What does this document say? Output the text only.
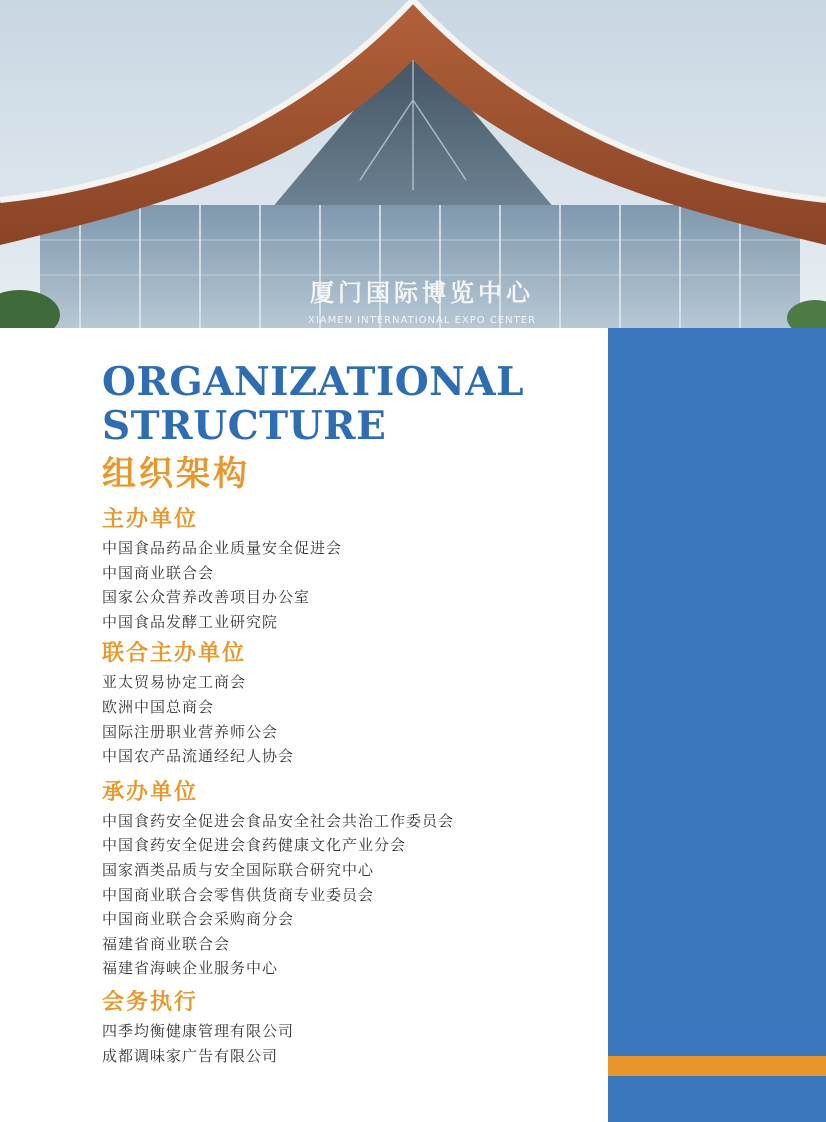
厦门国际博览中心
XIAMEN INTERNATIONAL EXPO CENTER
ORGANIZATIONAL
STRUCTURE
组织架构
主办单位
中国食品药品企业质量安全促进会
中国商业联合会
国家公众营养改善项目办公室
中国食品发酵工业研究院
联合主办单位
亚太贸易协定工商会
欧洲中国总商会
国际注册职业营养师公会
中国农产品流通经纪人协会
承办单位
中国食药安全促进会食品安全社会共治工作委员会
中国食药安全促进会食药健康文化产业分会
国家酒类品质与安全国际联合研究中心
中国商业联合会零售供货商专业委员会
中国商业联合会采购商分会
福建省商业联合会
福建省海峡企业服务中心
会务执行
四季均衡健康管理有限公司
成都调味家广告有限公司
